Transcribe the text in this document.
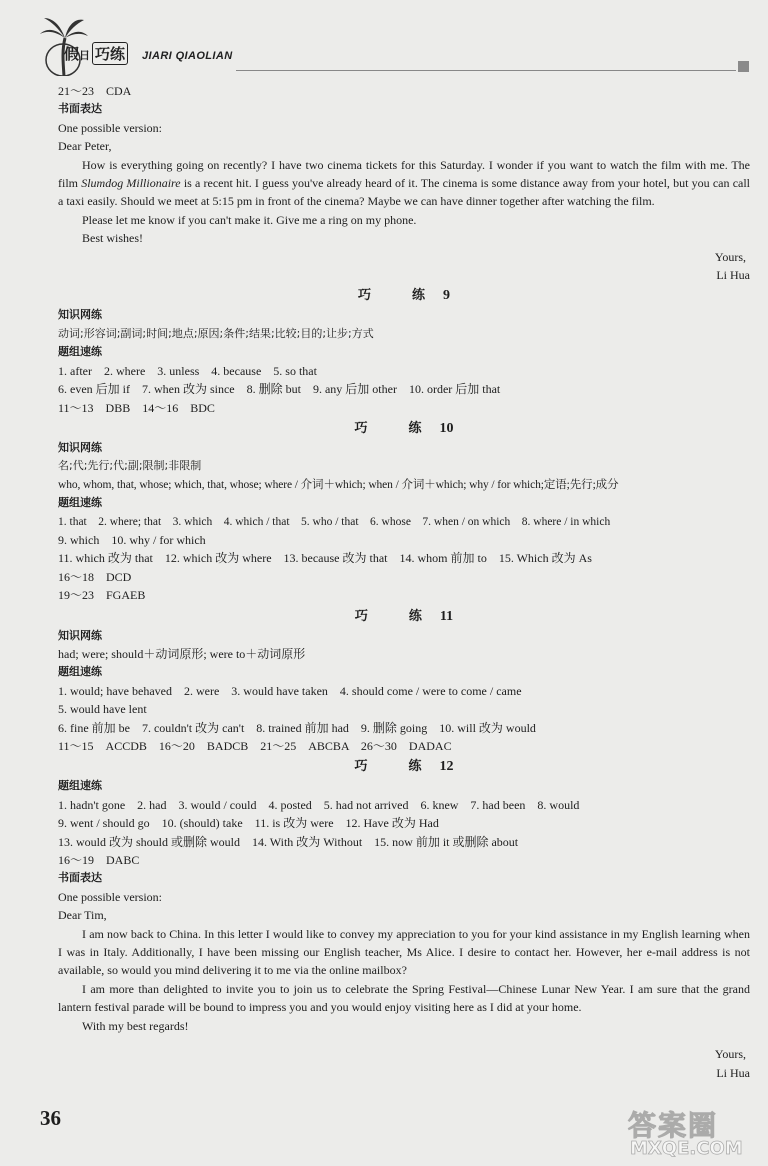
假日 巧练 JIARI QIAOLIAN
21～23　CDA
书面表达
One possible version:
Dear Peter,
How is everything going on recently? I have two cinema tickets for this Saturday. I wonder if you want to watch the film with me. The film Slumdog Millionaire is a recent hit. I guess you've already heard of it. The cinema is some distance away from your hotel, but you can call a taxi easily. Should we meet at 5:15 pm in front of the cinema? Maybe we can have dinner together after watching the film.
Please let me know if you can't make it. Give me a ring on my phone.
Best wishes!
Yours,
Li Hua
巧　练 9
知识网练
动词;形容词;副词;时间;地点;原因;条件;结果;比较;目的;让步;方式
题组速练
1. after　2. where　3. unless　4. because　5. so that
6. even 后加 if　7. when 改为 since　8. 删除 but　9. any 后加 other　10. order 后加 that
11～13　DBB　14～16　BDC
巧　练 10
知识网练
名;代;先行;代;副;限制;非限制
who, whom, that, whose; which, that, whose; where / 介词＋which; when / 介词＋which; why / for which;定语;先行;成分
题组速练
1. that　2. where; that　3. which　4. which / that　5. who / that　6. whose　7. when / on which　8. where / in which
9. which　10. why / for which
11. which 改为 that　12. which 改为 where　13. because 改为 that　14. whom 前加 to　15. Which 改为 As
16～18　DCD
19～23　FGAEB
巧　练 11
知识网练
had; were; should＋动词原形; were to＋动词原形
题组速练
1. would; have behaved　2. were　3. would have taken　4. should come / were to come / came
5. would have lent
6. fine 前加 be　7. couldn't 改为 can't　8. trained 前加 had　9. 删除 going　10. will 改为 would
11～15　ACCDB　16～20　BADCB　21～25　ABCBA　26～30　DADAC
巧　练 12
题组速练
1. hadn't gone　2. had　3. would / could　4. posted　5. had not arrived　6. knew　7. had been　8. would
9. went / should go　10. (should) take　11. is 改为 were　12. Have 改为 Had
13. would 改为 should 或删除 would　14. With 改为 Without　15. now 前加 it 或删除 about
16～19　DABC
书面表达
One possible version:
Dear Tim,
I am now back to China. In this letter I would like to convey my appreciation to you for your kind assistance in my English learning when I was in Italy. Additionally, I have been missing our English teacher, Ms Alice. I desire to contact her. However, her e-mail address is not available, so would you mind delivering it to me via the online mailbox?
I am more than delighted to invite you to join us to celebrate the Spring Festival—Chinese Lunar New Year. I am sure that the grand lantern festival parade will be bound to impress you and you would enjoy visiting here as I did at your home.
With my best regards!
Yours,
Li Hua
36	答案圈
MXQE.COM
